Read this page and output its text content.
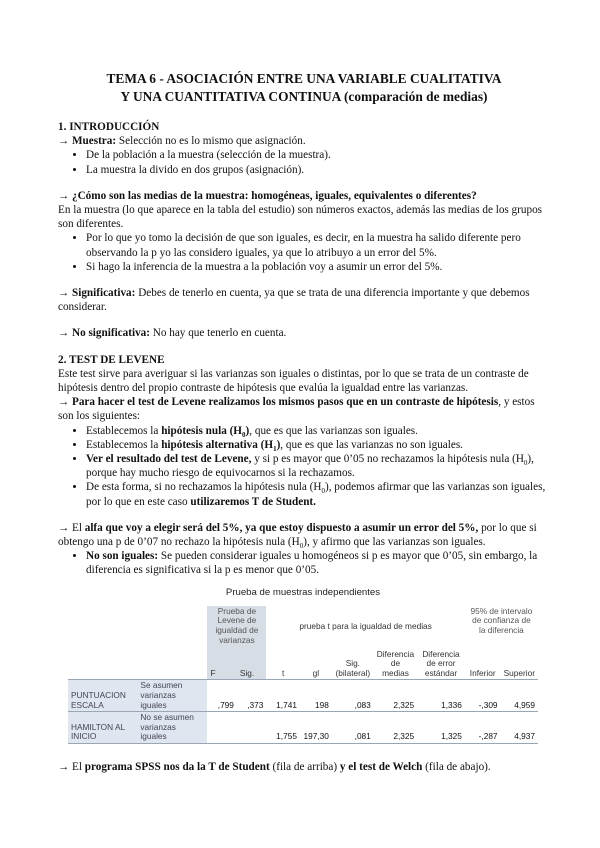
TEMA 6 - ASOCIACIÓN ENTRE UNA VARIABLE CUALITATIVA
Y UNA CUANTITATIVA CONTINUA (comparación de medias)

1. INTRODUCCIÓN

→ Muestra: Selección no es lo mismo que asignación.

• De la población a la muestra (selección de la muestra).
• La muestra la divido en dos grupos (asignación).

→ ¿Cómo son las medias de la muestra: homogéneas, iguales, equivalentes o diferentes?

En la muestra (lo que aparece en la tabla del estudio) son números exactos, además las medias de los grupos son diferentes.

• Por lo que yo tomo la decisión de que son iguales, es decir, en la muestra ha salido diferente pero observando la p yo las considero iguales, ya que lo atribuyo a un error del 5%.
• Si hago la inferencia de la muestra a la población voy a asumir un error del 5%.

→ Significativa: Debes de tenerlo en cuenta, ya que se trata de una diferencia importante y que debemos considerar.

→ No significativa: No hay que tenerlo en cuenta.

2. TEST DE LEVENE

Este test sirve para averiguar si las varianzas son iguales o distintas, por lo que se trata de un contraste de hipótesis dentro del propio contraste de hipótesis que evalúa la igualdad entre las varianzas.

→ Para hacer el test de Levene realizamos los mismos pasos que en un contraste de hipótesis, y estos son los siguientes:

• Establecemos la hipótesis nula $(H_0)$, que es que las varianzas son iguales.
• Establecemos la hipótesis alternativa $(H_1)$, que es que las varianzas no son iguales.
• Ver el resultado del test de Levene, y si p es mayor que 0’05 no rechazamos la hipótesis nula $(H_0)$, porque hay mucho riesgo de equivocarnos si la rechazamos.
• De esta forma, si no rechazamos la hipótesis nula $(H_0)$, podemos afirmar que las varianzas son iguales, por lo que en este caso utilizaremos T de Student.

→ El alfa que voy a elegir será del 5%, ya que estoy dispuesto a asumir un error del 5%, por lo que si obtengo una p de 0’07 no rechazo la hipótesis nula $(H_0)$, y afirmo que las varianzas son iguales.

• No son iguales: Se pueden considerar iguales u homogéneos si p es mayor que 0’05, sin embargo, la diferencia es significativa si la p es menor que 0’05.
Prueba de muestras independientes
		Prueba de Levene de igualdad de varianzas		prueba t para la igualdad de medias					95% de intervalo de confianza de la diferencia	

		F	Sig.	t	gl	Sig. (bilateral)	Diferencia de medias	Diferencia de error estándar	Inferior	Superior
PUNTUACION ESCALA	Se asumen varianzas iguales	,799	,373	1,741	198	,083	2,325	1,336	-,309	4,959
HAMILTON AL INICIO	No se asumen varianzas iguales			1,755	197,30	,081	2,325	1,325	-,287	4,937

→ El programa SPSS nos da la T de Student (fila de arriba) y el test de Welch (fila de abajo).
